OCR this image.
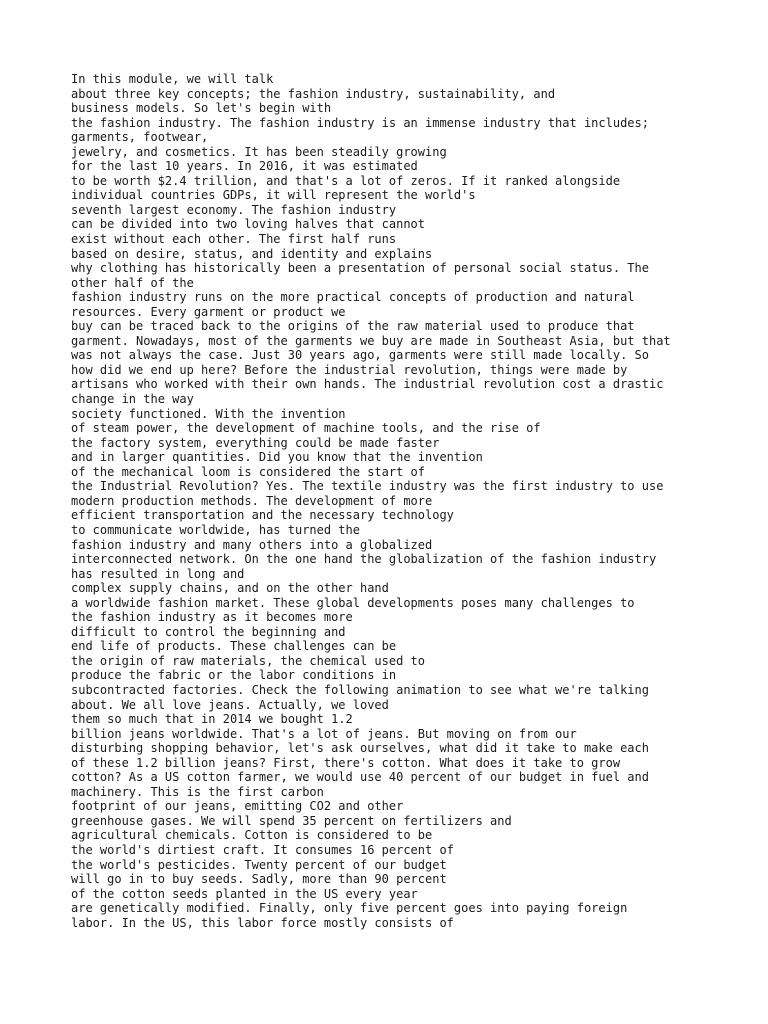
In this module, we will talk
about three key concepts; the fashion industry, sustainability, and
business models. So let's begin with
the fashion industry. The fashion industry is an immense industry that includes;
garments, footwear,
jewelry, and cosmetics. It has been steadily growing
for the last 10 years. In 2016, it was estimated
to be worth $2.4 trillion, and that's a lot of zeros. If it ranked alongside
individual countries GDPs, it will represent the world's
seventh largest economy. The fashion industry
can be divided into two loving halves that cannot
exist without each other. The first half runs
based on desire, status, and identity and explains
why clothing has historically been a presentation of personal social status. The
other half of the
fashion industry runs on the more practical concepts of production and natural
resources. Every garment or product we
buy can be traced back to the origins of the raw material used to produce that
garment. Nowadays, most of the garments we buy are made in Southeast Asia, but that
was not always the case. Just 30 years ago, garments were still made locally. So
how did we end up here? Before the industrial revolution, things were made by
artisans who worked with their own hands. The industrial revolution cost a drastic
change in the way
society functioned. With the invention
of steam power, the development of machine tools, and the rise of
the factory system, everything could be made faster
and in larger quantities. Did you know that the invention
of the mechanical loom is considered the start of
the Industrial Revolution? Yes. The textile industry was the first industry to use
modern production methods. The development of more
efficient transportation and the necessary technology
to communicate worldwide, has turned the
fashion industry and many others into a globalized
interconnected network. On the one hand the globalization of the fashion industry
has resulted in long and
complex supply chains, and on the other hand
a worldwide fashion market. These global developments poses many challenges to
the fashion industry as it becomes more
difficult to control the beginning and
end life of products. These challenges can be
the origin of raw materials, the chemical used to
produce the fabric or the labor conditions in
subcontracted factories. Check the following animation to see what we're talking
about. We all love jeans. Actually, we loved
them so much that in 2014 we bought 1.2
billion jeans worldwide. That's a lot of jeans. But moving on from our
disturbing shopping behavior, let's ask ourselves, what did it take to make each
of these 1.2 billion jeans? First, there's cotton. What does it take to grow
cotton? As a US cotton farmer, we would use 40 percent of our budget in fuel and
machinery. This is the first carbon
footprint of our jeans, emitting CO2 and other
greenhouse gases. We will spend 35 percent on fertilizers and
agricultural chemicals. Cotton is considered to be
the world's dirtiest craft. It consumes 16 percent of
the world's pesticides. Twenty percent of our budget
will go in to buy seeds. Sadly, more than 90 percent
of the cotton seeds planted in the US every year
are genetically modified. Finally, only five percent goes into paying foreign
labor. In the US, this labor force mostly consists of
